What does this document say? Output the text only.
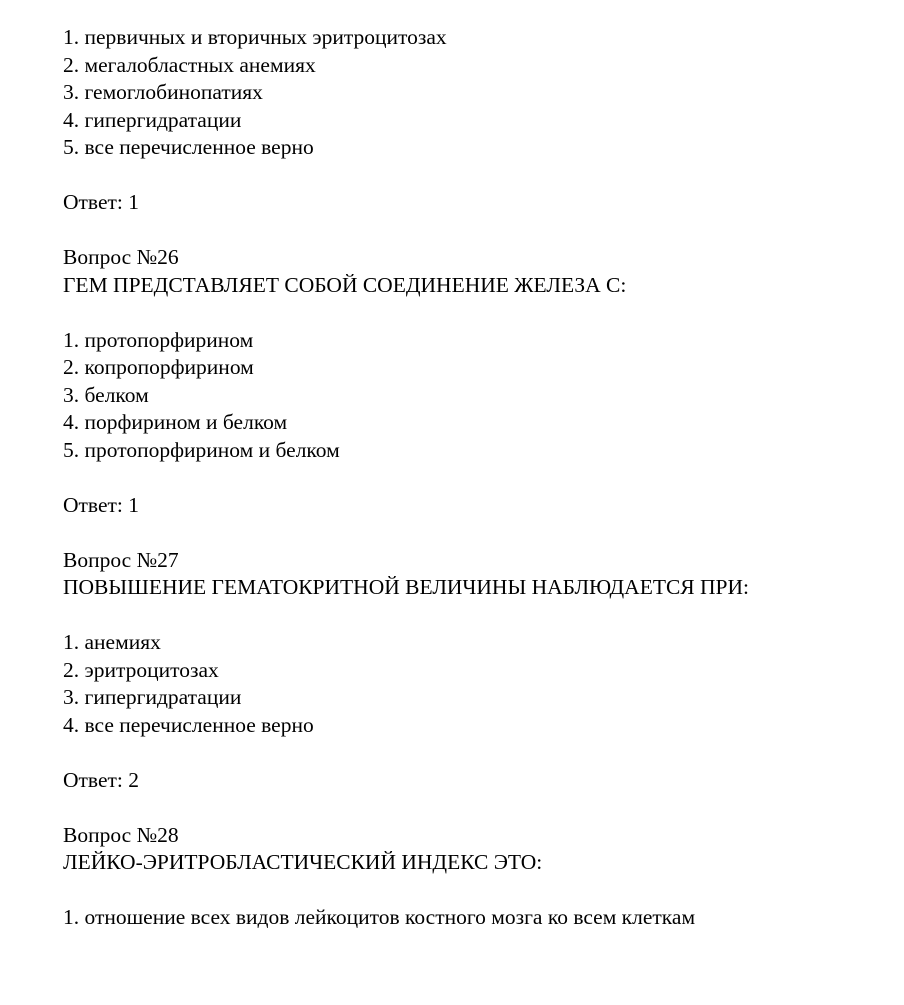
1. первичных и вторичных эритроцитозах
2. мегалобластных анемиях
3. гемоглобинопатиях
4. гипергидратации
5. все перечисленное верно
Ответ: 1
Вопрос №26
ГЕМ ПРЕДСТАВЛЯЕТ СОБОЙ СОЕДИНЕНИЕ ЖЕЛЕЗА С:
1. протопорфирином
2. копропорфирином
3. белком
4. порфирином и белком
5. протопорфирином и белком
Ответ: 1
Вопрос №27
ПОВЫШЕНИЕ ГЕМАТОКРИТНОЙ ВЕЛИЧИНЫ НАБЛЮДАЕТСЯ ПРИ:
1. анемиях
2. эритроцитозах
3. гипергидратации
4. все перечисленное верно
Ответ: 2
Вопрос №28
ЛЕЙКО-ЭРИТРОБЛАСТИЧЕСКИЙ ИНДЕКС ЭТО:
1. отношение всех видов лейкоцитов костного мозга ко всем клеткам
